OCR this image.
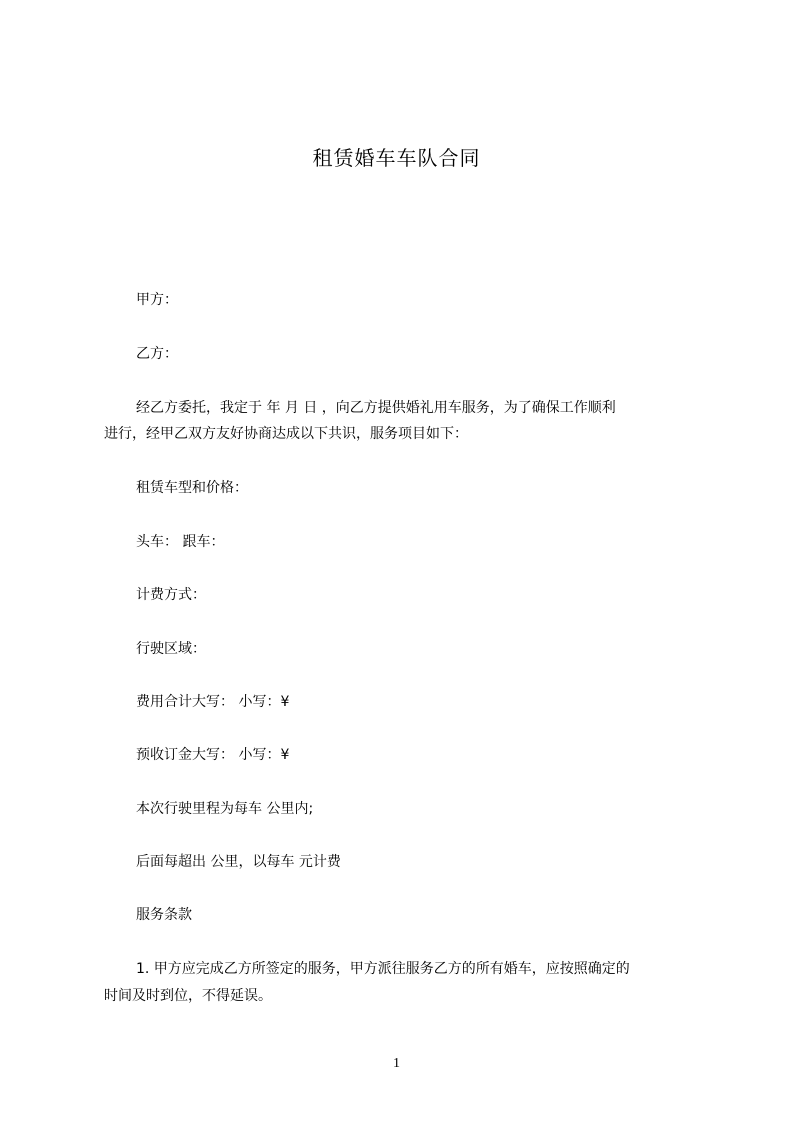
租赁婚车车队合同
甲方：
乙方：
经乙方委托，我定于 年 月 日 ，向乙方提供婚礼用车服务，为了确保工作顺利
进行，经甲乙双方友好协商达成以下共识，服务项目如下：
租赁车型和价格：
头车： 跟车：
计费方式：
行驶区域：
费用合计大写： 小写：¥
预收订金大写： 小写：¥
本次行驶里程为每车 公里内;
后面每超出 公里，以每车 元计费
服务条款
1. 甲方应完成乙方所签定的服务，甲方派往服务乙方的所有婚车，应按照确定的
时间及时到位，不得延误。
1
